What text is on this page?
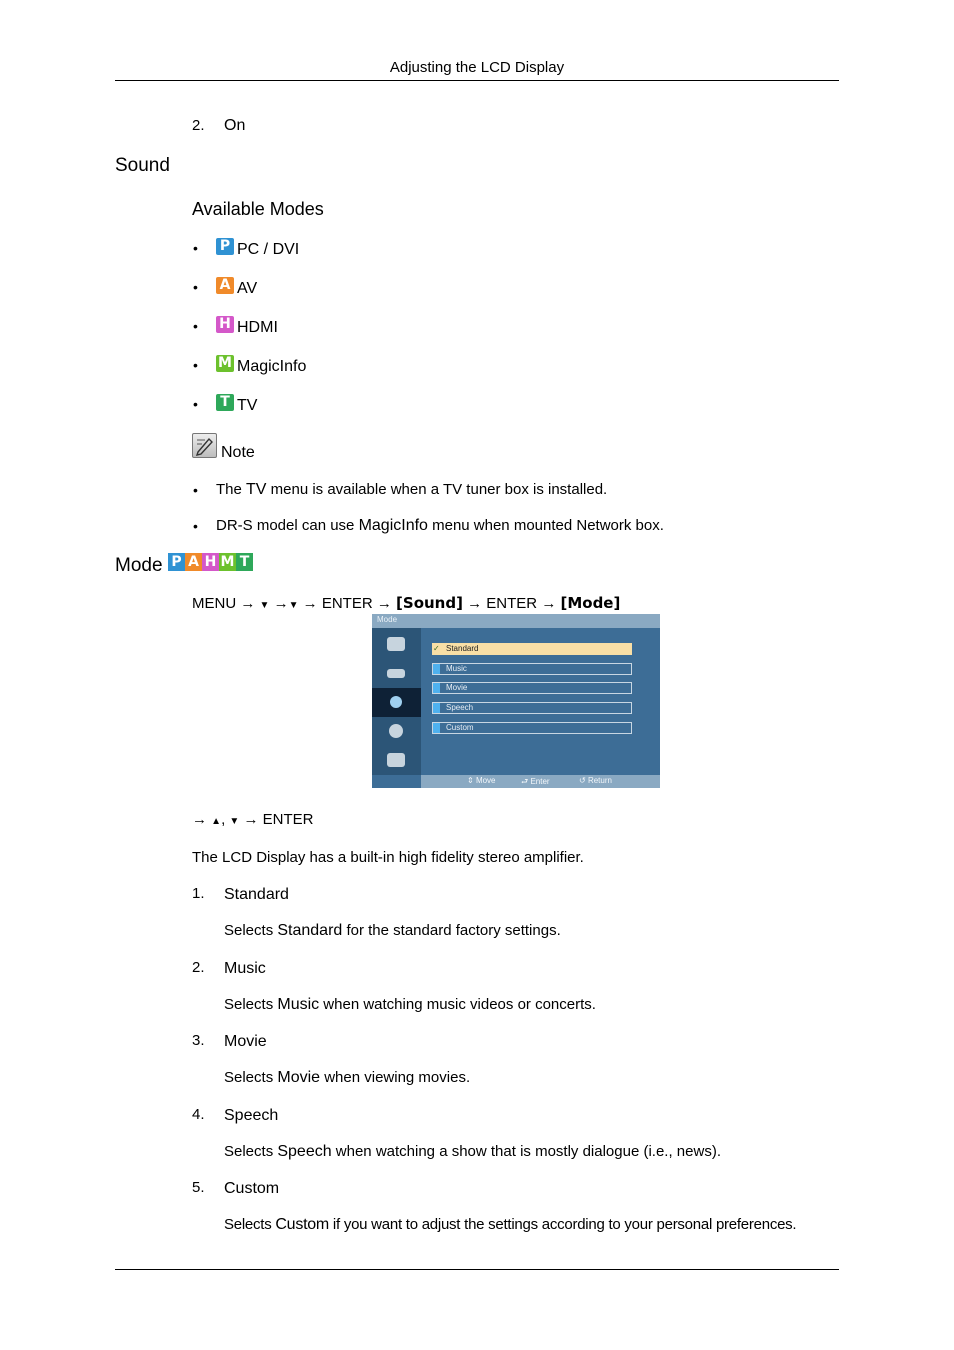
Adjusting the LCD Display
2. On
Sound
Available Modes
• P PC / DVI
• A AV
• H HDMI
• M MagicInfo
•	T TV
Note
• The TV menu is available when a TV tuner box is installed.
• DR-S model can use MagicInfo menu when mounted Network box.
Mode P A H M T
MENU → ▼ →▼ → ENTER → [Sound] → ENTER → [Mode]
Mode
✓ Standard
Music
Movie
Speech
Custom
⇕ Move	⮐ Enter	↺ Return
→ ▲, ▼ → ENTER
The LCD Display has a built-in high fidelity stereo amplifier.
1. Standard
Selects Standard for the standard factory settings.
2. Music
Selects Music when watching music videos or concerts.
3. Movie
Selects Movie when viewing movies.
4. Speech
Selects Speech when watching a show that is mostly dialogue (i.e., news).
5. Custom
Selects Custom if you want to adjust the settings according to your personal preferences.
